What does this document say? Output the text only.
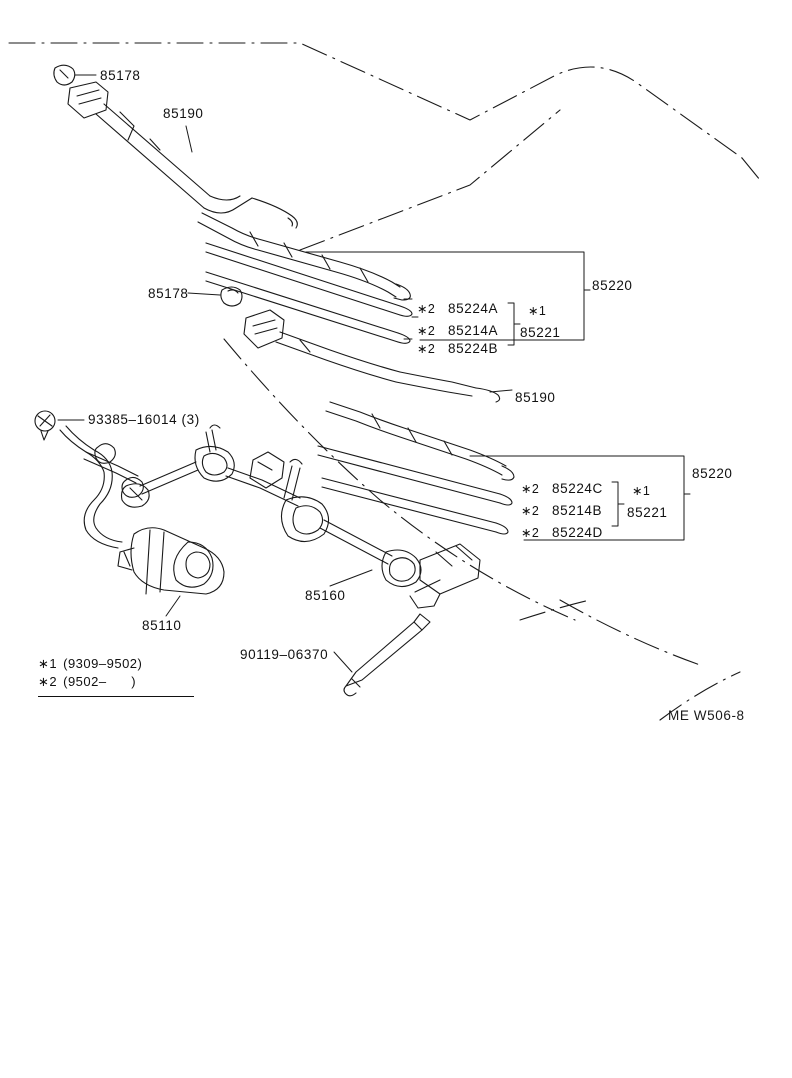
85178
85190
85178
85220
85221
85224A
85214A
85224B
85190
93385–16014 (3)
85220
85221
85224C
85214B
85224D
85160
85110
90119–06370
∗2
∗2
∗2
∗1
∗2
∗2
∗2
∗1
∗1 (9309–9502)
∗2 (9502–      )
ME W506-8
